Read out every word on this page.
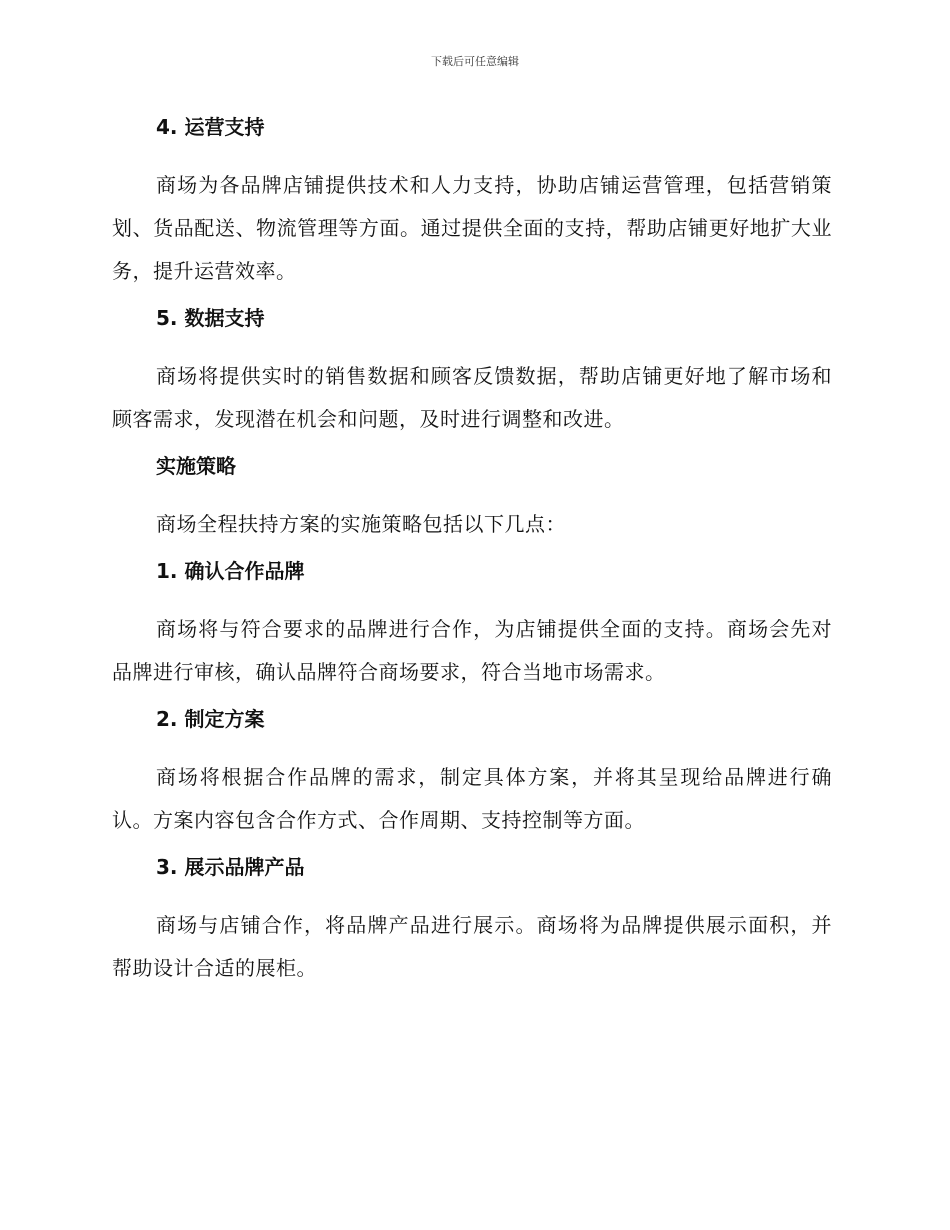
下载后可任意编辑
4. 运营支持

商场为各品牌店铺提供技术和人力支持，协助店铺运营管理，包括营销策划、货品配送、物流管理等方面。通过提供全面的支持，帮助店铺更好地扩大业务，提升运营效率。

5. 数据支持

商场将提供实时的销售数据和顾客反馈数据，帮助店铺更好地了解市场和顾客需求，发现潜在机会和问题，及时进行调整和改进。

实施策略

商场全程扶持方案的实施策略包括以下几点：

1. 确认合作品牌

商场将与符合要求的品牌进行合作，为店铺提供全面的支持。商场会先对品牌进行审核，确认品牌符合商场要求，符合当地市场需求。

2. 制定方案

商场将根据合作品牌的需求，制定具体方案，并将其呈现给品牌进行确认。方案内容包含合作方式、合作周期、支持控制等方面。

3. 展示品牌产品

商场与店铺合作，将品牌产品进行展示。商场将为品牌提供展示面积，并帮助设计合适的展柜。
